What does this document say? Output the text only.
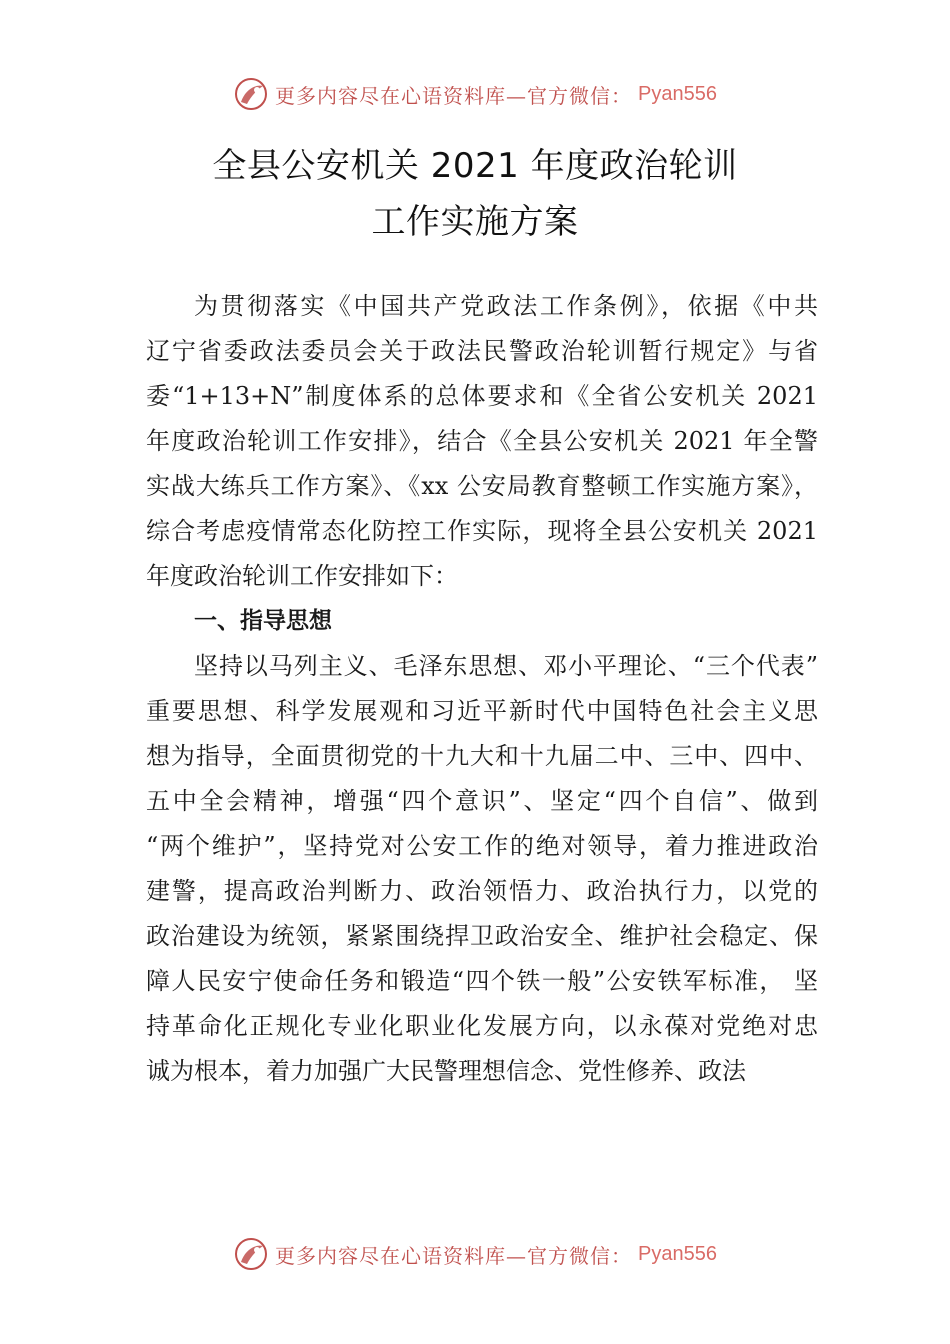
更多内容尽在心语资料库—官方微信： Pyan556
全县公安机关 2021 年度政治轮训
工作实施方案
为贯彻落实《中国共产党政法工作条例》，依据《中共
辽宁省委政法委员会关于政法民警政治轮训暂行规定》与省
委“1+13+N”制度体系的总体要求和《全省公安机关 2021
年度政治轮训工作安排》，结合《全县公安机关 2021 年全警
实战大练兵工作方案》、《xx 公安局教育整顿工作实施方案》，
综合考虑疫情常态化防控工作实际，现将全县公安机关 2021
年度政治轮训工作安排如下：
一、指导思想
坚持以马列主义、毛泽东思想、邓小平理论、“三个代表”
重要思想、科学发展观和习近平新时代中国特色社会主义思
想为指导，全面贯彻党的十九大和十九届二中、三中、四中、
五中全会精神，增强“四个意识”、坚定“四个自信”、做到
“两个维护”，坚持党对公安工作的绝对领导，着力推进政治
建警，提高政治判断力、政治领悟力、政治执行力，以党的
政治建设为统领，紧紧围绕捍卫政治安全、维护社会稳定、保
障人民安宁使命任务和锻造“四个铁一般”公安铁军标准， 坚
持革命化正规化专业化职业化发展方向，以永葆对党绝对忠
诚为根本，着力加强广大民警理想信念、党性修养、政法
更多内容尽在心语资料库—官方微信： Pyan556
